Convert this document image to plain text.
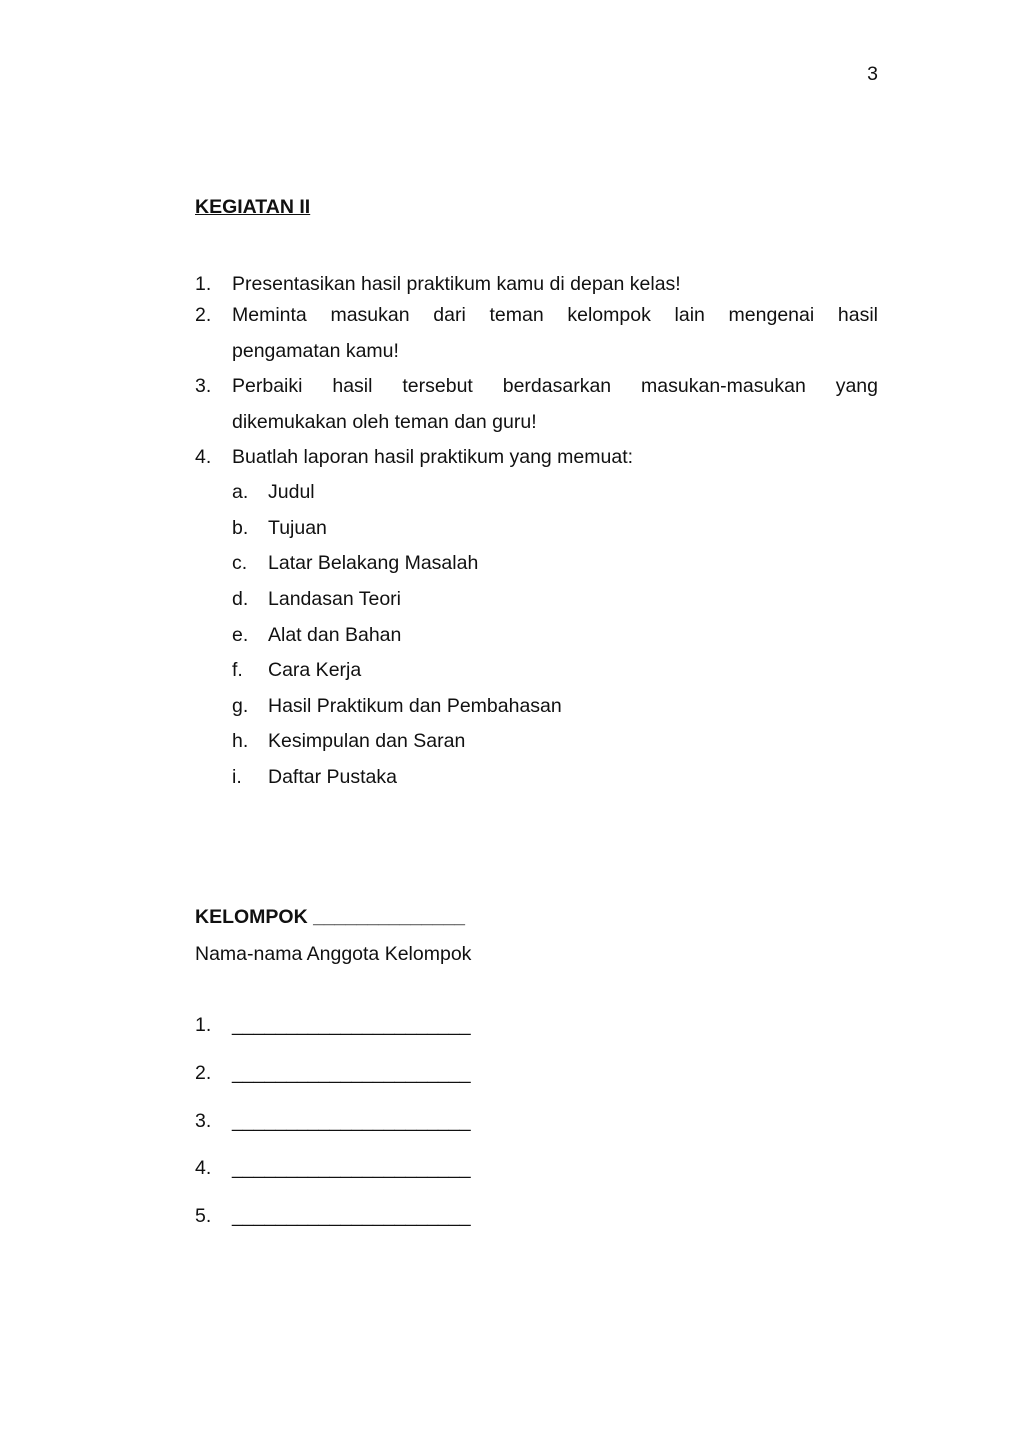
3
KEGIATAN II
1. Presentasikan hasil praktikum kamu di depan kelas!
2. Meminta masukan dari teman kelompok lain mengenai hasil
pengamatan kamu!
3. Perbaiki hasil tersebut berdasarkan masukan-masukan yang
dikemukakan oleh teman dan guru!
4. Buatlah laporan hasil praktikum yang memuat:
a. Judul
b. Tujuan
c. Latar Belakang Masalah
d. Landasan Teori
e. Alat dan Bahan
f. Cara Kerja
g. Hasil Praktikum dan Pembahasan
h. Kesimpulan dan Saran
i. Daftar Pustaka
KELOMPOK ______________
Nama-nama Anggota Kelompok
1. ______________________
2. ______________________
3. ______________________
4. ______________________
5. ______________________
